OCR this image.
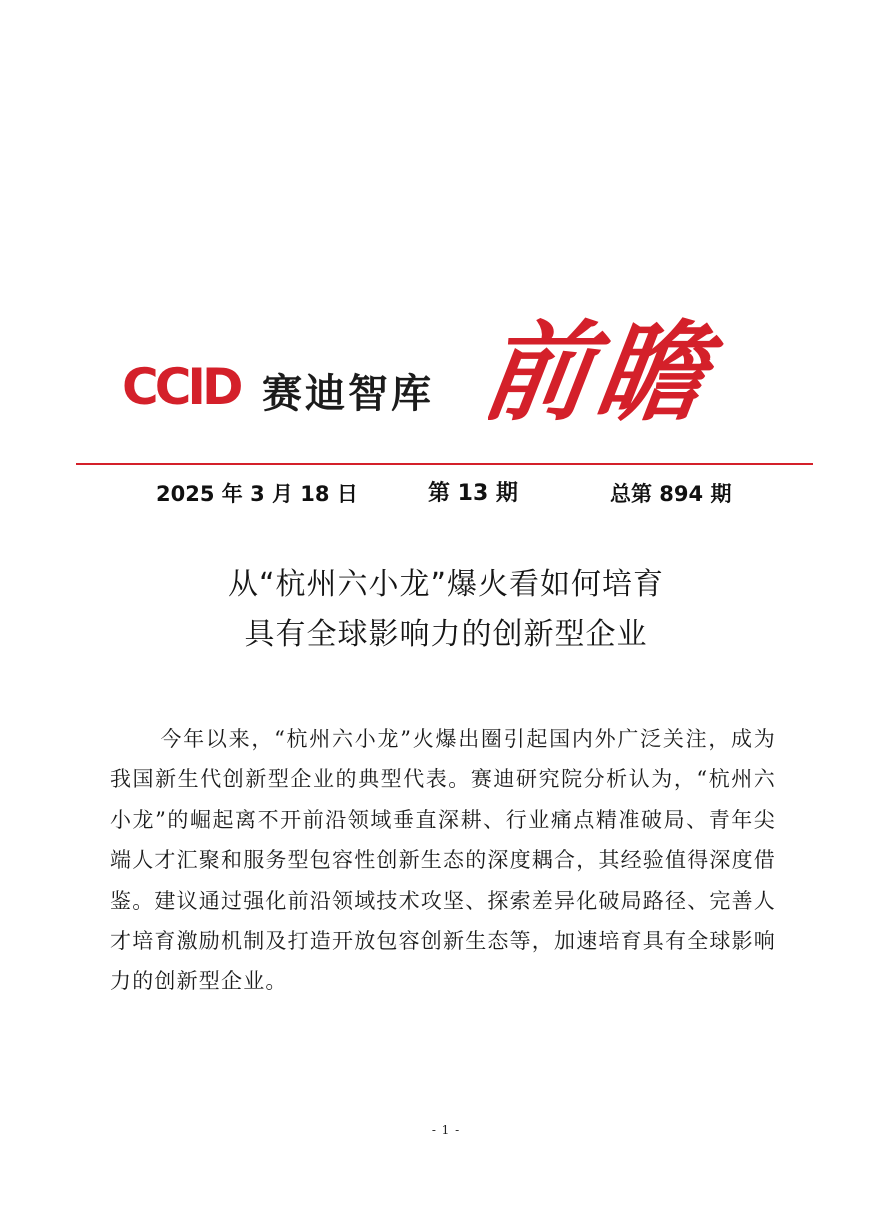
CCID 赛迪智库 前瞻
2025 年 3 月 18 日	第 13 期	总第 894 期
从“杭州六小龙”爆火看如何培育
具有全球影响力的创新型企业

今年以来，“杭州六小龙”火爆出圈引起国内外广泛关注，成为我国新生代创新型企业的典型代表。赛迪研究院分析认为，“杭州六小龙”的崛起离不开前沿领域垂直深耕、行业痛点精准破局、青年尖端人才汇聚和服务型包容性创新生态的深度耦合，其经验值得深度借鉴。建议通过强化前沿领域技术攻坚、探索差异化破局路径、完善人才培育激励机制及打造开放包容创新生态等，加速培育具有全球影响力的创新型企业。

- 1 -
